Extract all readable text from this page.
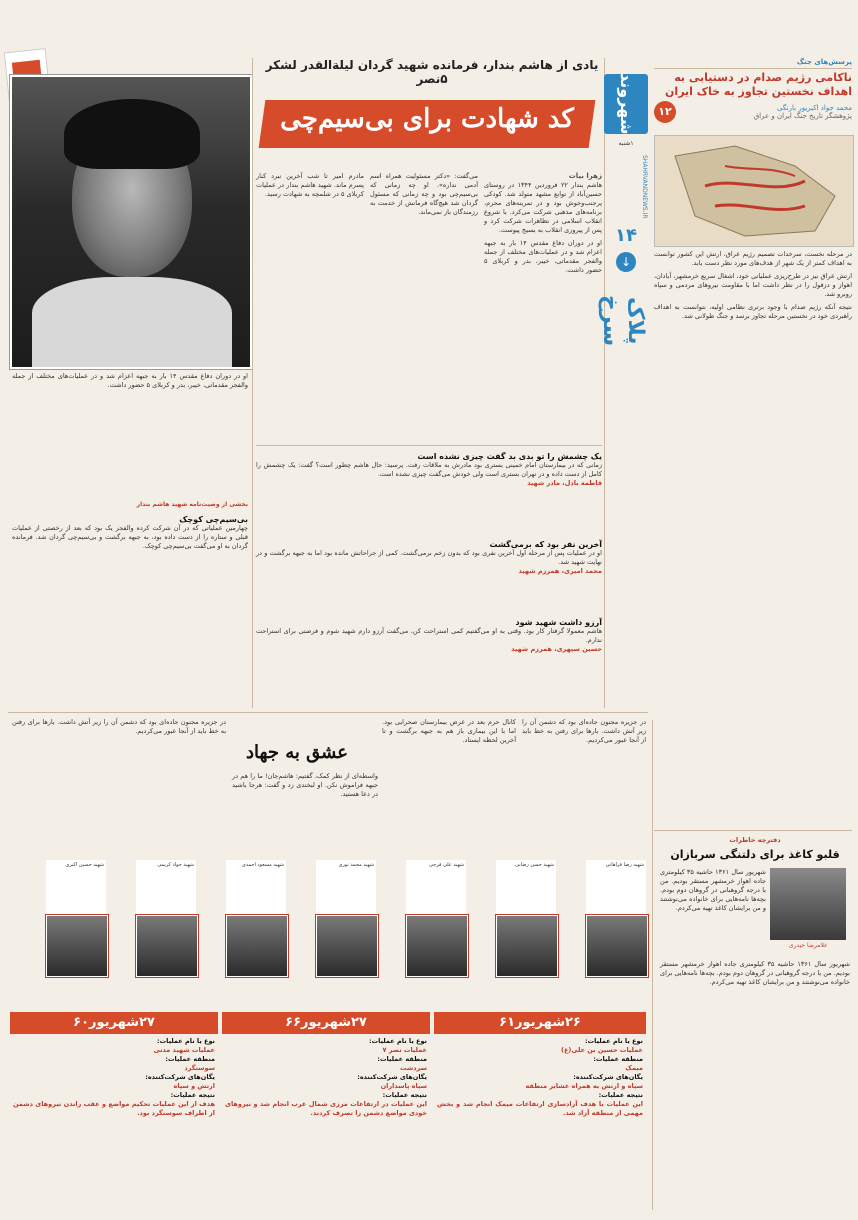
یادی از هاشم بندار، فرمانده شهید گردان لیلةالقدر لشکر ۵نصر
کد شهادت برای بی‌سیم‌چی
زهرا بیات
هاشم بندار ۲۲ فروردین ۱۳۴۴ در روستای حسین‌آباد از توابع مشهد متولد شد. کودکی پرجنب‌وجوش بود و در تمرینه‌های محرم، برنامه‌های مذهبی شرکت می‌کرد. با شروع انقلاب اسلامی در تظاهرات شرکت کرد و پس از پیروزی انقلاب به بسیج پیوست.
او در دوران دفاع مقدس ۱۴ بار به جبهه اعزام شد و در عملیات‌های مختلف از جمله والفجر مقدماتی، خیبر، بدر و کربلای ۵ حضور داشت.
می‌گفت: «دکتر مسئولیت همراه اسم آدمی نداره». او چه زمانی که بی‌سیم‌چی بود و چه زمانی که مسئول گردان شد هیچ‌گاه فرمانش از خدمت به رزمندگان باز نمی‌ماند.
مادرم امیر تا شب آخرین نبرد کنار پسرم ماند. شهید هاشم بندار در عملیات کربلای ۵ در شلمچه به شهادت رسید.
او در دوران دفاع مقدس ۱۴ بار به جبهه اعزام شد و در عملیات‌های مختلف از جمله والفجر مقدماتی، خیبر، بدر و کربلای ۵ حضور داشت.
یک چشمش را تو بدی بد گفت چیزی نشده است
زمانی که در بیمارستان امام خمینی بستری بود مادرش به ملاقات رفت. پرسید: حال هاشم چطور است؟ گفت: یک چشمش را کامل از دست داده و در تهران بستری است ولی خودش می‌گفت چیزی نشده است.
فاطمه بادل، مادر شهید
آخرین نفر بود که برمی‌گشت
او در عملیات پس از مرحله اول آخرین نفری بود که بدون زخم برمی‌گشت. کمی از جراحاتش مانده بود اما به جبهه برگشت و در نهایت شهید شد.
محمد امیری، همرزم شهید
آرزو داشت شهید شود
هاشم معمولا گرفتار کار بود. وقتی به او می‌گفتیم کمی استراحت کن، می‌گفت آرزو دارم شهید شوم و فرصتی برای استراحت ندارم.
حسین سپهری، همرزم شهید
بخشی از وصیت‌نامه شهید هاشم بندار
بی‌سیم‌چی کوچک
چهارمین عملیاتی که در آن شرکت کرده والفجر یک بود که بعد از رخصتی از عملیات قبلی و ستاره را از دست داده بود، به جبهه برگشت و بی‌سیم‌چی گردان شد. فرمانده گردان به او می‌گفت بی‌سیم‌چی کوچک.
شهروند
۱شنبه
SHAHRVANDNEWS.IR
۱۴
↓
پلاک سرخ
پرسش‌های جنگ
ناکامی رژیم صدام در دستیابی به اهداف نخستین تجاوز به خاک ایران
محمد جواد اکبرپور بارنگی
پژوهشگر تاریخ جنگ ایران و عراق
۱۲
در مرحله نخست، سرخدات تصمیم رژیم عراق، ارتش این کشور توانست به اهداف کمتر از یک شهر از هدف‌های مورد نظر دست یابد.
ارتش عراق نیز در طرح‌ریزی عملیاتی خود، اشغال سریع خرمشهر، آبادان، اهواز و دزفول را در نظر داشت اما با مقاومت نیروهای مردمی و سپاه روبرو شد.
نتیجه آنکه رژیم صدام با وجود برتری نظامی اولیه، نتوانست به اهداف راهبردی خود در نخستین مرحله تجاوز برسد و جنگ طولانی شد.
دفترچه خاطرات
قلبو کاغذ برای دلتنگی سربازان
غلامرضا حیدری
شهریور سال ۱۳۶۱ حاشیه ۳۵ کیلومتری جاده اهواز خرمشهر مستقر بودیم. من با درجه گروهبانی در گروهان دوم بودم. بچه‌ها نامه‌هایی برای خانواده می‌نوشتند و من برایشان کاغذ تهیه می‌کردم.
شهریور سال ۱۳۶۱ حاشیه ۳۵ کیلومتری جاده اهواز خرمشهر مستقر بودیم. من با درجه گروهبانی در گروهان دوم بودم. بچه‌ها نامه‌هایی برای خانواده می‌نوشتند و من برایشان کاغذ تهیه می‌کردم.
عشق به جهاد
در جزیره مجنون جاده‌ای بود که دشمن آن را زیر آتش داشت. بارها برای رفتن به خط باید از آنجا عبور می‌کردیم.
کانال حرم بعد در عرض بیمارستان صحرایی بود. اما با این بیماری باز هم به جبهه برگشت و تا آخرین لحظه ایستاد.
واسطه‌ای از نظر کمک، گفتیم: هاشم‌جان! ما را هم در جبهه فراموش نکن. او لبخندی زد و گفت: هرجا باشید در دعا هستید.
در جزیره مجنون جاده‌ای بود که دشمن آن را زیر آتش داشت. بارها برای رفتن به خط باید از آنجا عبور می‌کردیم.
شهید رضا فراهانی
شهید حسن رضایی
شهید علی فرجی
شهید محمد نوری
شهید مسعود احمدی
شهید جواد کریمی
شهید حسین اکبری
۲۶شهریور۶۱
نوع یا نام عملیات:
عملیات حسین بن علی(ع)
منطقه عملیات:
میمک
یگان‌های شرکت‌کننده:
سپاه و ارتش به همراه عشایر منطقه
نتیجه عملیات:
این عملیات با هدف آزادسازی ارتفاعات میمک انجام شد و بخش مهمی از منطقه آزاد شد.
۲۷شهریور۶۶
نوع یا نام عملیات:
عملیات نصر ۷
منطقه عملیات:
سردشت
یگان‌های شرکت‌کننده:
سپاه پاسداران
نتیجه عملیات:
این عملیات در ارتفاعات مرزی شمال غرب انجام شد و نیروهای خودی مواضع دشمن را تصرف کردند.
۲۷شهریور۶۰
نوع یا نام عملیات:
عملیات شهید مدنی
منطقه عملیات:
سوسنگرد
یگان‌های شرکت‌کننده:
ارتش و سپاه
نتیجه عملیات:
هدف از این عملیات تحکیم مواضع و عقب راندن نیروهای دشمن از اطراف سوسنگرد بود.
